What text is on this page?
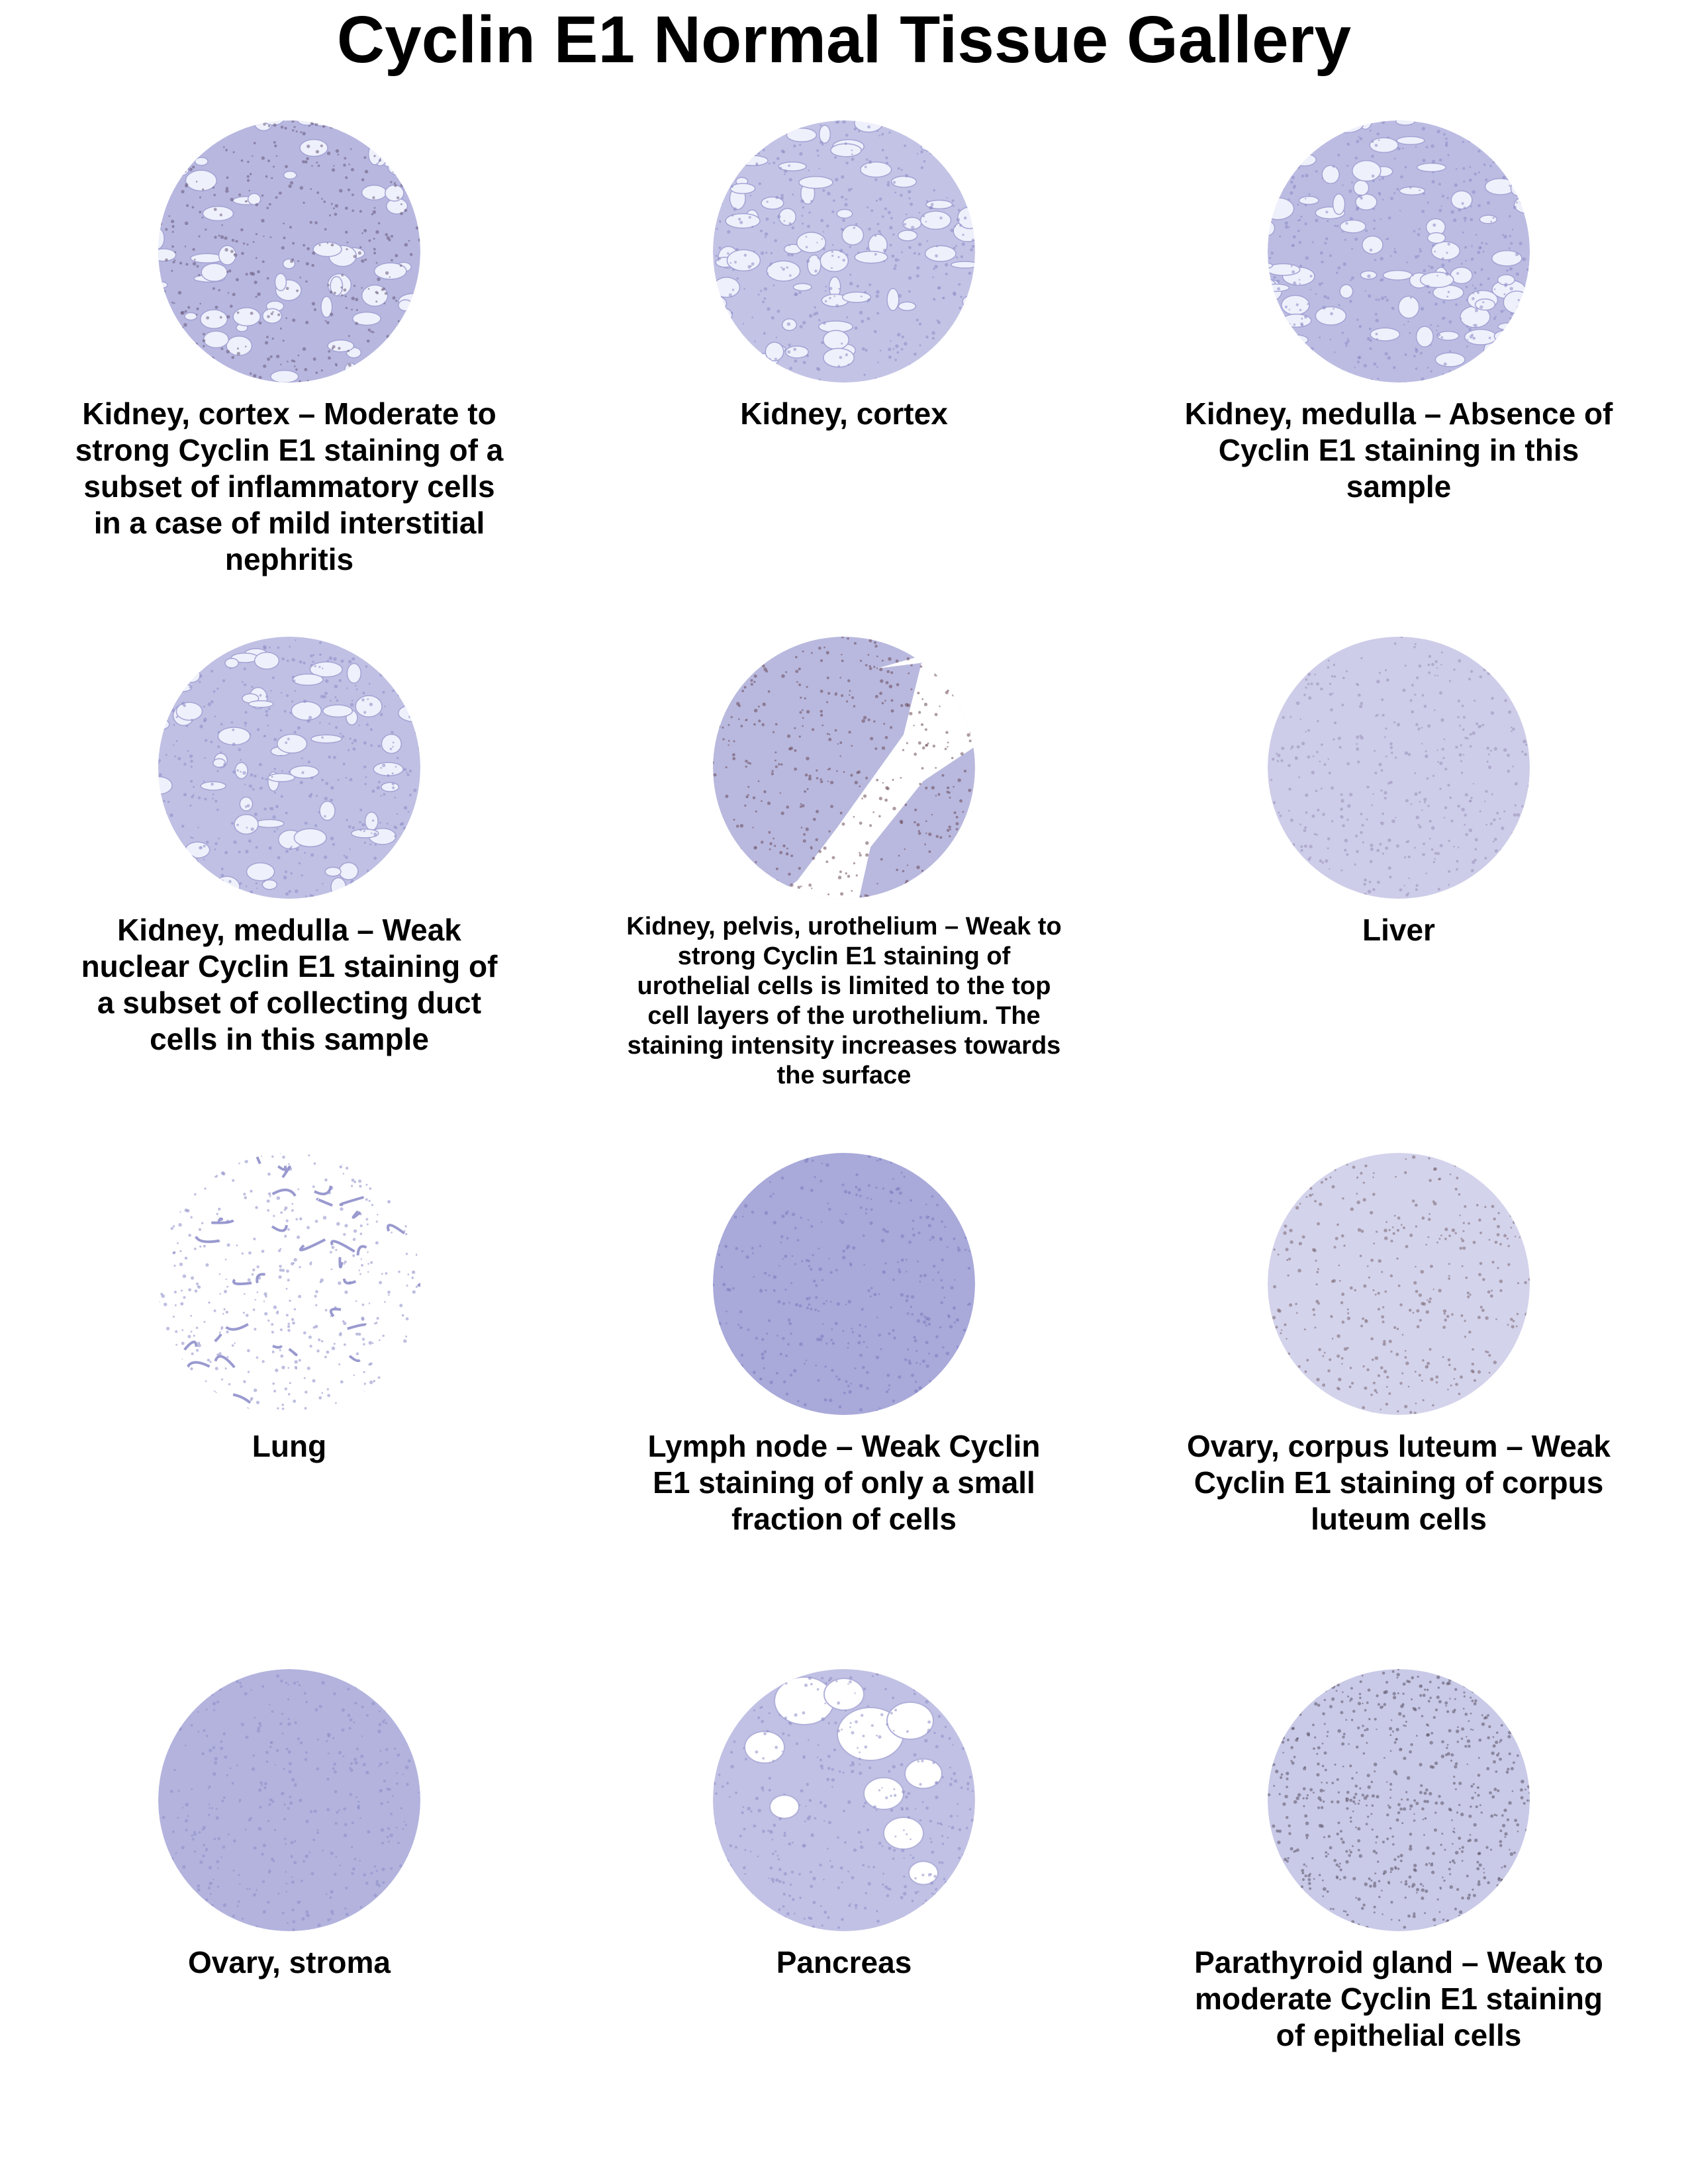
Cyclin E1 Normal Tissue Gallery
Kidney, cortex – Moderate to strong Cyclin E1 staining of a subset of inflammatory cells in a case of mild interstitial nephritis
Kidney, cortex	Kidney, medulla – Absence of Cyclin E1 staining in this sample
Kidney, medulla – Weak nuclear Cyclin E1 staining of a subset of collecting duct cells in this sample
Kidney, pelvis, urothelium – Weak to strong Cyclin E1 staining of urothelial cells is limited to the top cell layers of the urothelium. The staining intensity increases towards the surface
Liver
Lung	Lymph node – Weak Cyclin E1 staining of only a small fraction of cells
Ovary, corpus luteum – Weak Cyclin E1 staining of corpus luteum cells
Ovary, stroma	Pancreas	Parathyroid gland – Weak to moderate Cyclin E1 staining of epithelial cells
